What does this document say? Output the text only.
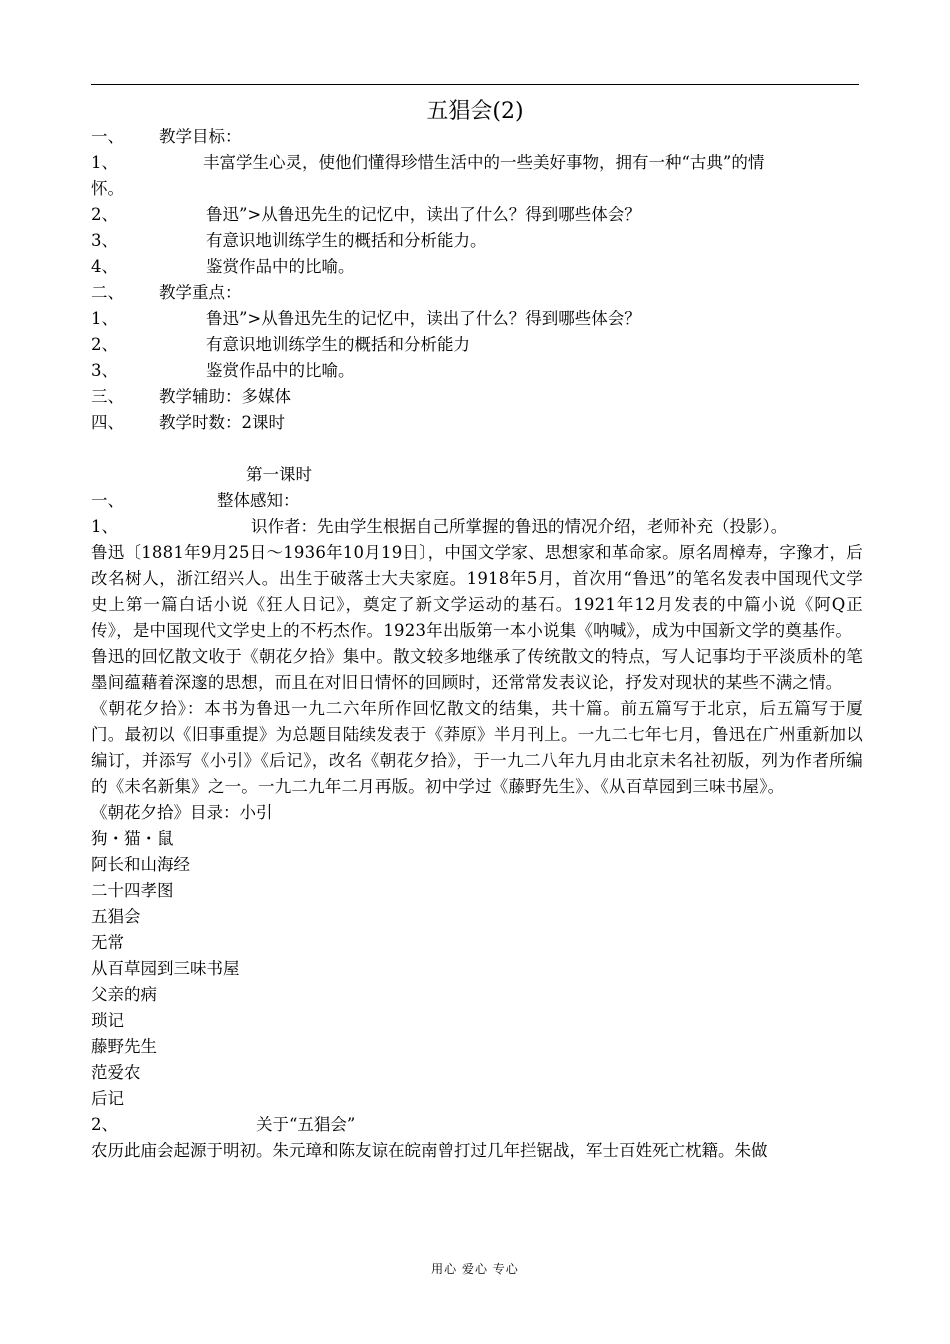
五猖会(2)
一、 教学目标：
1、	丰富学生心灵，使他们懂得珍惜生活中的一些美好事物，拥有一种“古典”的情
怀。
2、	鲁迅”>从鲁迅先生的记忆中，读出了什么？得到哪些体会？
3、	有意识地训练学生的概括和分析能力。
4、	鉴赏作品中的比喻。
二、 教学重点：
1、	鲁迅”>从鲁迅先生的记忆中，读出了什么？得到哪些体会？
2、	有意识地训练学生的概括和分析能力
3、	鉴赏作品中的比喻。
三、 教学辅助：多媒体
四、 教学时数：2课时
第一课时
一、	整体感知：
1、	识作者：先由学生根据自己所掌握的鲁迅的情况介绍，老师补充（投影）。
鲁迅〔1881年9月25日～1936年10月19日〕，中国文学家、思想家和革命家。原名周樟寿，字豫才，后改名树人，浙江绍兴人。出生于破落士大夫家庭。1918年5月，首次用“鲁迅”的笔名发表中国现代文学史上第一篇白话小说《狂人日记》，奠定了新文学运动的基石。1921年12月发表的中篇小说《阿Q正传》，是中国现代文学史上的不朽杰作。1923年出版第一本小说集《呐喊》，成为中国新文学的奠基作。
鲁迅的回忆散文收于《朝花夕拾》集中。散文较多地继承了传统散文的特点，写人记事均于平淡质朴的笔墨间蕴藉着深邃的思想，而且在对旧日情怀的回顾时，还常常发表议论，抒发对现状的某些不满之情。
《朝花夕拾》：本书为鲁迅一九二六年所作回忆散文的结集，共十篇。前五篇写于北京，后五篇写于厦门。最初以《旧事重提》为总题目陆续发表于《莽原》半月刊上。一九二七年七月，鲁迅在广州重新加以编订，并添写《小引》《后记》，改名《朝花夕拾》，于一九二八年九月由北京未名社初版，列为作者所编的《未名新集》之一。一九二九年二月再版。初中学过《藤野先生》、《从百草园到三味书屋》。
《朝花夕拾》目录：小引
狗・猫・鼠
阿长和山海经
二十四孝图
五猖会
无常
从百草园到三味书屋
父亲的病
琐记
藤野先生
范爱农
后记
2、	关于“五猖会”
农历此庙会起源于明初。朱元璋和陈友谅在皖南曾打过几年拦锯战，军士百姓死亡枕籍。朱做
用心 爱心 专心
